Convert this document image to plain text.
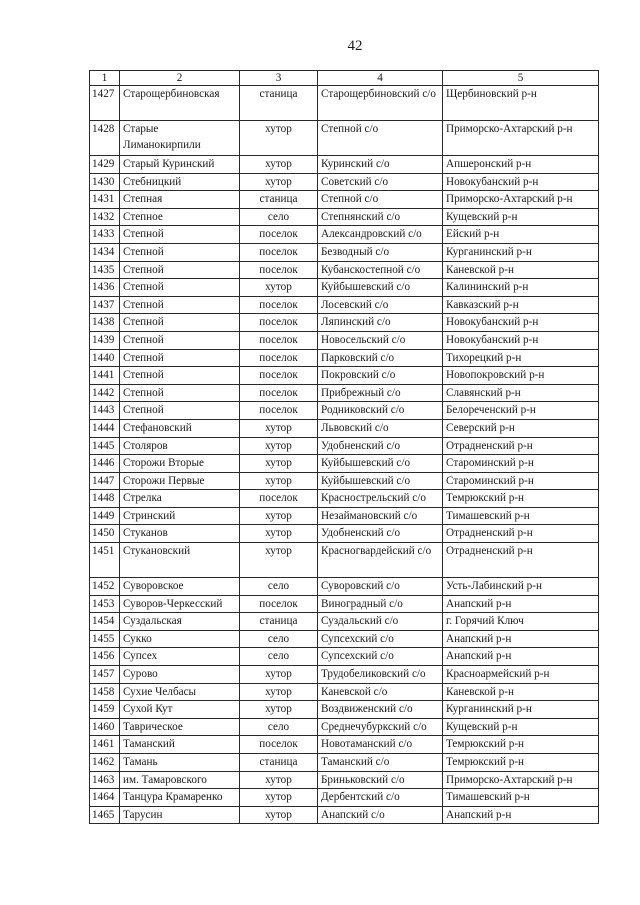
42
1	2	3	4	5
1427	Старощербиновская	станица	Старощербиновский с/о	Щербиновский р-н
1428	Старые Лиманокирпили	хутор	Степной с/о	Приморско-Ахтарский р-н
1429	Старый Куринский	хутор	Куринский с/о	Апшеронский р-н
1430	Стебницкий	хутор	Советский с/о	Новокубанский р-н
1431	Степная	станица	Степной с/о	Приморско-Ахтарский р-н
1432	Степное	село	Степнянский с/о	Кущевский р-н
1433	Степной	поселок	Александровский с/о	Ейский р-н
1434	Степной	поселок	Безводный с/о	Курганинский р-н
1435	Степной	поселок	Кубанскостепной с/о	Каневской р-н
1436	Степной	хутор	Куйбышевский с/о	Калининский р-н
1437	Степной	поселок	Лосевский с/о	Кавказский р-н
1438	Степной	поселок	Ляпинский с/о	Новокубанский р-н
1439	Степной	поселок	Новосельский с/о	Новокубанский р-н
1440	Степной	поселок	Парковский с/о	Тихорецкий р-н
1441	Степной	поселок	Покровский с/о	Новопокровский р-н
1442	Степной	поселок	Прибрежный с/о	Славянский р-н
1443	Степной	поселок	Родниковский с/о	Белореченский р-н
1444	Стефановский	хутор	Львовский с/о	Северский р-н
1445	Столяров	хутор	Удобненский с/о	Отрадненский р-н
1446	Сторожи Вторые	хутор	Куйбышевский с/о	Староминский р-н
1447	Сторожи Первые	хутор	Куйбышевский с/о	Староминский р-н
1448	Стрелка	поселок	Краснострельский с/о	Темрюкский р-н
1449	Стринский	хутор	Незаймановский с/о	Тимашевский р-н
1450	Стуканов	хутор	Удобненский с/о	Отрадненский р-н
1451	Стукановский	хутор	Красногвардейский с/о	Отрадненский р-н
1452	Суворовское	село	Суворовский с/о	Усть-Лабинский р-н
1453	Суворов-Черкесский	поселок	Виноградный с/о	Анапский р-н
1454	Суздальская	станица	Суздальский с/о	г. Горячий Ключ
1455	Сукко	село	Супсехский с/о	Анапский р-н
1456	Супсех	село	Супсехский с/о	Анапский р-н
1457	Сурово	хутор	Трудобеликовский с/о	Красноармейский р-н
1458	Сухие Челбасы	хутор	Каневской с/о	Каневской р-н
1459	Сухой Кут	хутор	Воздвиженский с/о	Курганинский р-н
1460	Таврическое	село	Среднечубуркский с/о	Кущевский р-н
1461	Таманский	поселок	Новотаманский с/о	Темрюкский р-н
1462	Тамань	станица	Таманский с/о	Темрюкский р-н
1463	им. Тамаровского	хутор	Бриньковский с/о	Приморско-Ахтарский р-н
1464	Танцура Крамаренко	хутор	Дербентский с/о	Тимашевский р-н
1465	Тарусин	хутор	Анапский с/о	Анапский р-н
